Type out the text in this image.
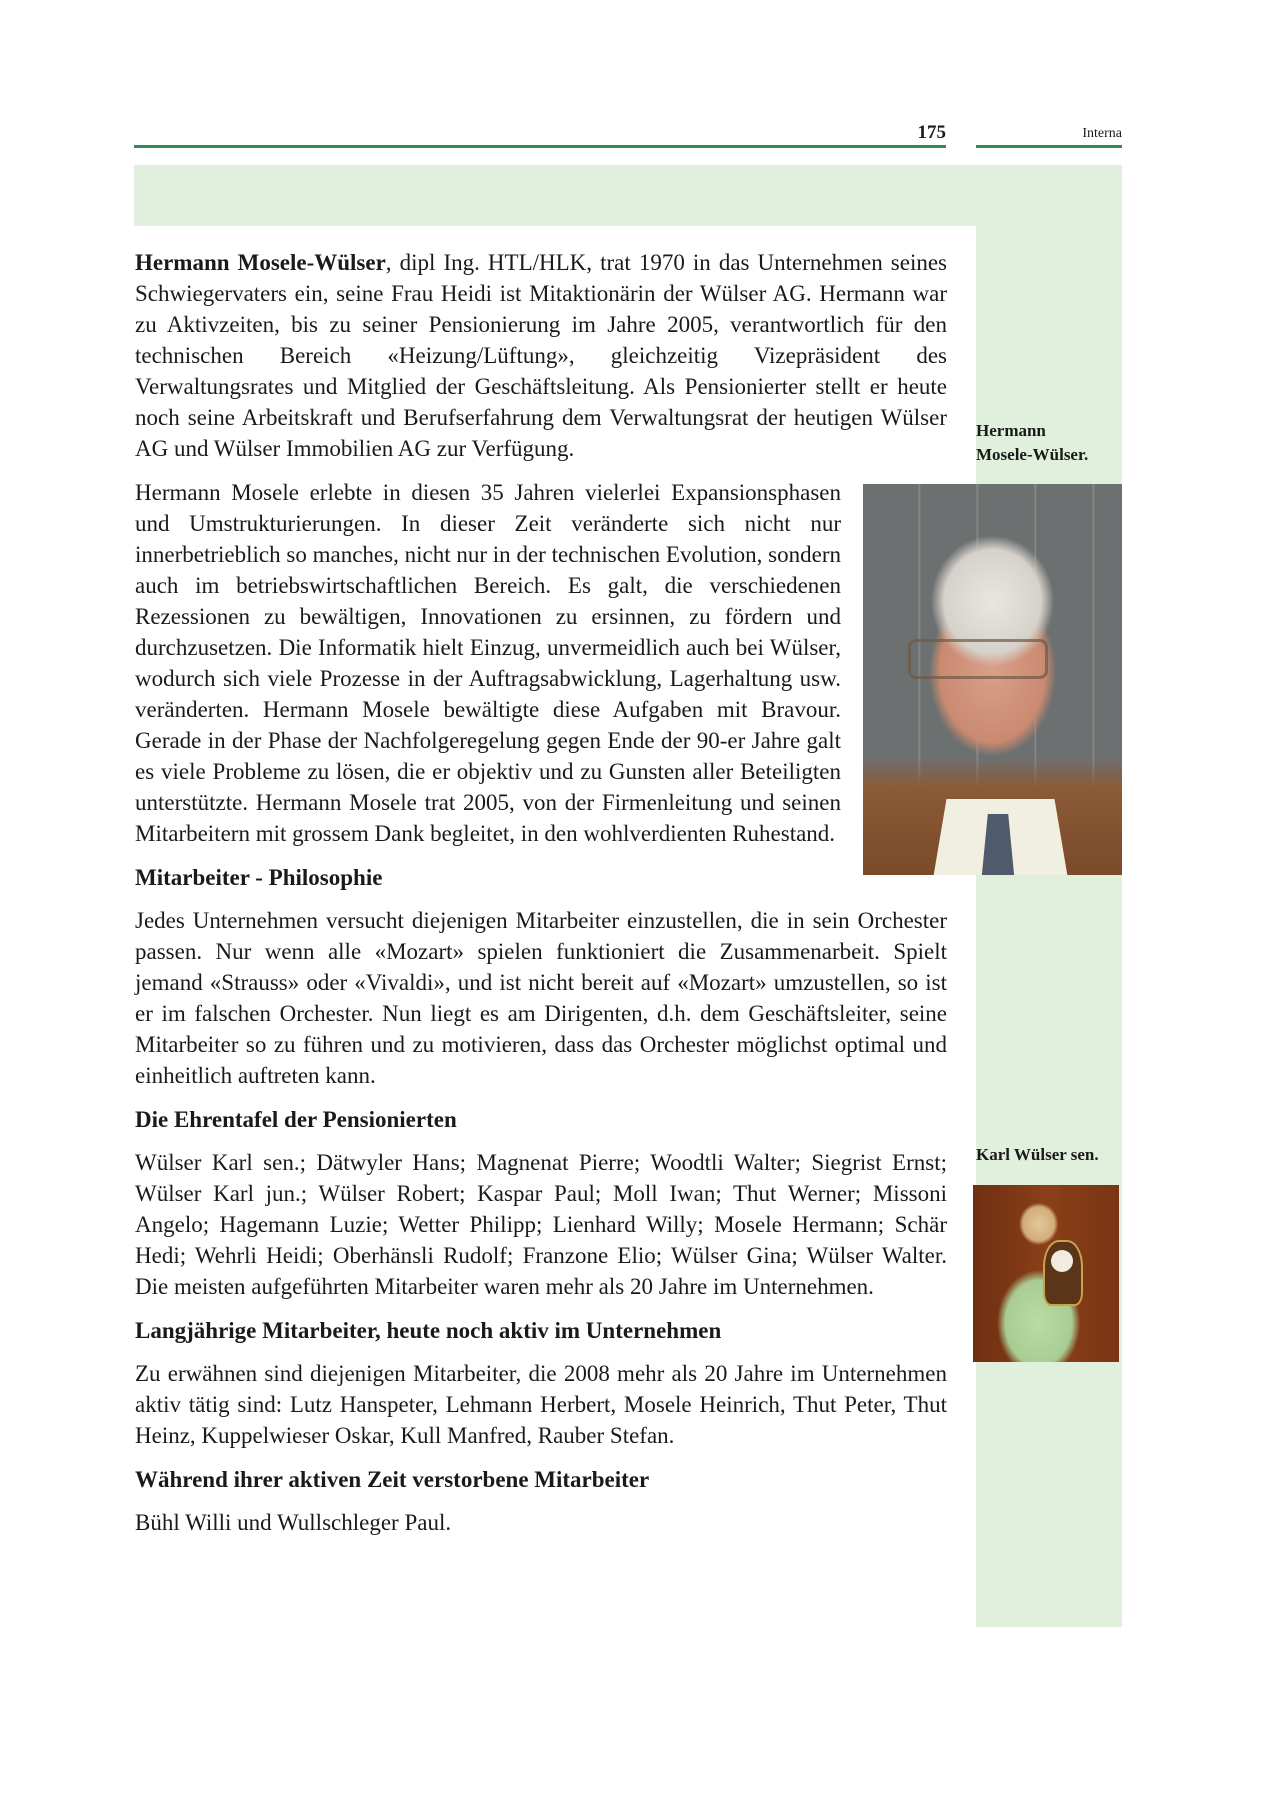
175	Interna
Hermann
Mosele-Wülser.
Karl Wülser sen.

Hermann Mosele-Wülser, dipl Ing. HTL/HLK, trat 1970 in das Unternehmen seines Schwiegervaters ein, seine Frau Heidi ist Mitaktionärin der Wülser AG. Hermann war zu Aktivzeiten, bis zu seiner Pensionierung im Jahre 2005, verantwortlich für den technischen Bereich «Heizung/Lüftung», gleichzeitig Vizepräsident des Verwaltungsrates und Mitglied der Geschäftsleitung. Als Pensionierter stellt er heute noch seine Arbeitskraft und Berufserfahrung dem Verwaltungsrat der heutigen Wülser AG und Wülser Immobilien AG zur Verfügung.

Hermann Mosele erlebte in diesen 35 Jahren vielerlei Expansionsphasen und Umstrukturierungen. In dieser Zeit veränderte sich nicht nur innerbetrieblich so manches, nicht nur in der technischen Evolution, sondern auch im betriebswirtschaftlichen Bereich. Es galt, die verschiedenen Rezessionen zu bewältigen, Innovationen zu ersinnen, zu fördern und durchzusetzen. Die Informatik hielt Einzug, unvermeidlich auch bei Wülser, wodurch sich viele Prozesse in der Auftragsabwicklung, Lagerhaltung usw. veränderten. Hermann Mosele bewältigte diese Aufgaben mit Bravour. Gerade in der Phase der Nachfolgeregelung gegen Ende der 90-er Jahre galt es viele Probleme zu lösen, die er objektiv und zu Gunsten aller Beteiligten unterstützte. Hermann Mosele trat 2005, von der Firmenleitung und seinen Mitarbeitern mit grossem Dank begleitet, in den wohlverdienten Ruhestand.

Mitarbeiter - Philosophie

Jedes Unternehmen versucht diejenigen Mitarbeiter einzustellen, die in sein Orchester passen. Nur wenn alle «Mozart» spielen funktioniert die Zusammenarbeit. Spielt jemand «Strauss» oder «Vivaldi», und ist nicht bereit auf «Mozart» umzustellen, so ist er im falschen Orchester. Nun liegt es am Dirigenten, d.h. dem Geschäftsleiter, seine Mitarbeiter so zu führen und zu motivieren, dass das Orchester möglichst optimal und einheitlich auftreten kann.

Die Ehrentafel der Pensionierten

Wülser Karl sen.; Dätwyler Hans; Magnenat Pierre; Woodtli Walter; Siegrist Ernst; Wülser Karl jun.; Wülser Robert; Kaspar Paul; Moll Iwan; Thut Werner; Missoni Angelo; Hagemann Luzie; Wetter Philipp; Lienhard Willy; Mosele Hermann; Schär Hedi; Wehrli Heidi; Oberhänsli Rudolf; Franzone Elio; Wülser Gina; Wülser Walter. Die meisten aufgeführten Mitarbeiter waren mehr als 20 Jahre im Unternehmen.

Langjährige Mitarbeiter, heute noch aktiv im Unternehmen

Zu erwähnen sind diejenigen Mitarbeiter, die 2008 mehr als 20 Jahre im Unternehmen aktiv tätig sind: Lutz Hanspeter, Lehmann Herbert, Mosele Heinrich, Thut Peter, Thut Heinz, Kuppelwieser Oskar, Kull Manfred, Rauber Stefan.

Während ihrer aktiven Zeit verstorbene Mitarbeiter

Bühl Willi und Wullschleger Paul.
